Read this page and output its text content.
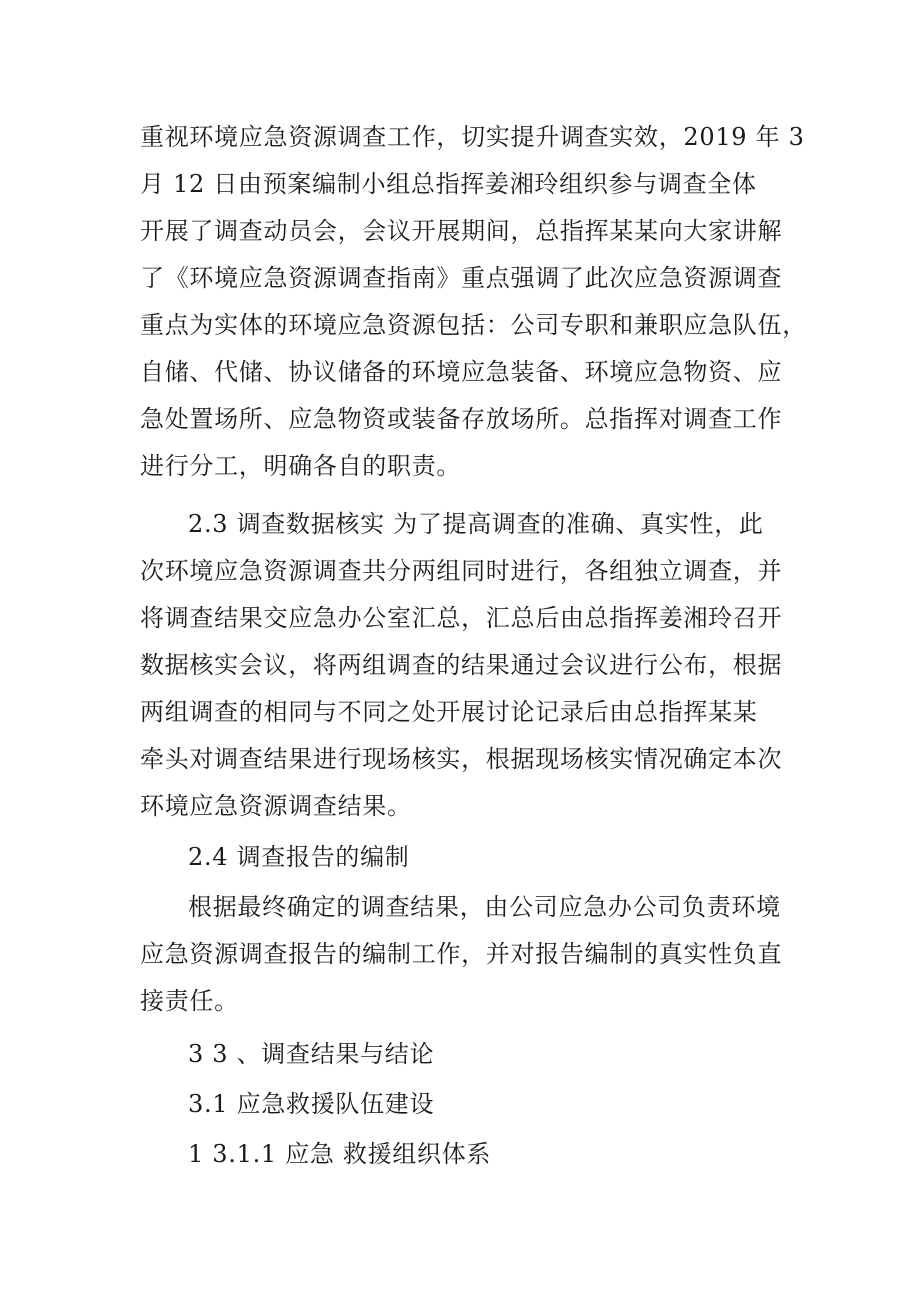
重视环境应急资源调查工作，切实提升调查实效，2019 年 3
月 12 日由预案编制小组总指挥姜湘玲组织参与调查全体
开展了调查动员会，会议开展期间，总指挥某某向大家讲解
了《环境应急资源调查指南》重点强调了此次应急资源调查
重点为实体的环境应急资源包括：公司专职和兼职应急队伍，
自储、代储、协议储备的环境应急装备、环境应急物资、应
急处置场所、应急物资或装备存放场所。总指挥对调查工作
进行分工，明确各自的职责。
2.3 调查数据核实 为了提高调查的准确、真实性，此
次环境应急资源调查共分两组同时进行，各组独立调查，并
将调查结果交应急办公室汇总，汇总后由总指挥姜湘玲召开
数据核实会议，将两组调查的结果通过会议进行公布，根据
两组调查的相同与不同之处开展讨论记录后由总指挥某某
牵头对调查结果进行现场核实，根据现场核实情况确定本次
环境应急资源调查结果。
2.4 调查报告的编制
根据最终确定的调查结果，由公司应急办公司负责环境
应急资源调查报告的编制工作，并对报告编制的真实性负直
接责任。
3 3 、调查结果与结论
3.1 应急救援队伍建设
1 3.1.1 应急 救援组织体系
